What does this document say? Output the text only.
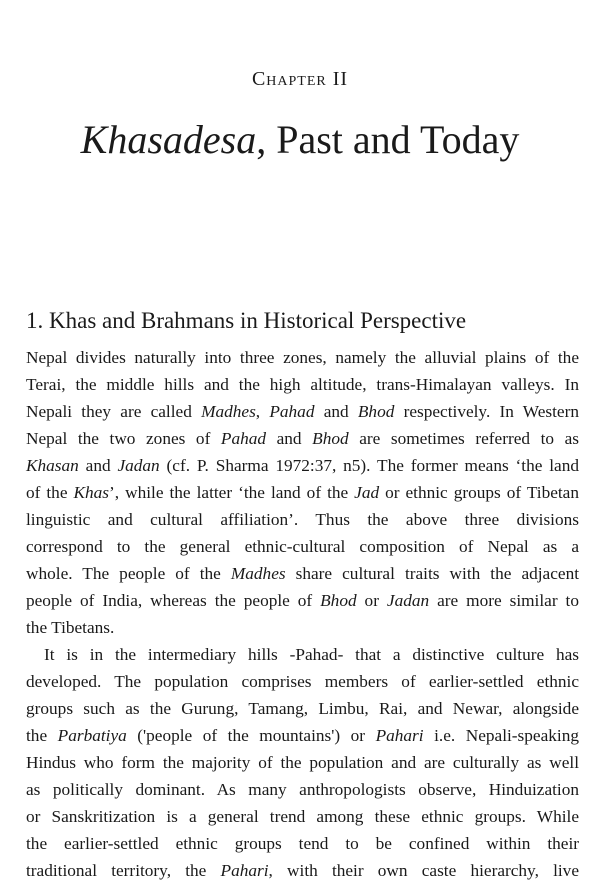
Chapter II
Khasadesa, Past and Today
1. Khas and Brahmans in Historical Perspective
Nepal divides naturally into three zones, namely the alluvial plains of the
Terai, the middle hills and the high altitude, trans-Himalayan valleys. In
Nepali they are called Madhes, Pahad and Bhod respectively. In Western
Nepal the two zones of Pahad and Bhod are sometimes referred to as
Khasan and Jadan (cf. P. Sharma 1972:37, n5). The former means ‘the land
of the Khas’, while the latter ‘the land of the Jad or ethnic groups of Tibetan
linguistic and cultural affiliation’. Thus the above three divisions
correspond to the general ethnic-cultural composition of Nepal as a
whole. The people of the Madhes share cultural traits with the adjacent
people of India, whereas the people of Bhod or Jadan are more similar to
the Tibetans.
It is in the intermediary hills -Pahad- that a distinctive culture has
developed. The population comprises members of earlier-settled ethnic
groups such as the Gurung, Tamang, Limbu, Rai, and Newar, alongside
the Parbatiya ('people of the mountains') or Pahari i.e. Nepali-speaking
Hindus who form the majority of the population and are culturally as well
as politically dominant. As many anthropologists observe, Hinduization
or Sanskritization is a general trend among these ethnic groups. While
the earlier-settled ethnic groups tend to be confined within their
traditional territory, the Pahari, with their own caste hierarchy, live
